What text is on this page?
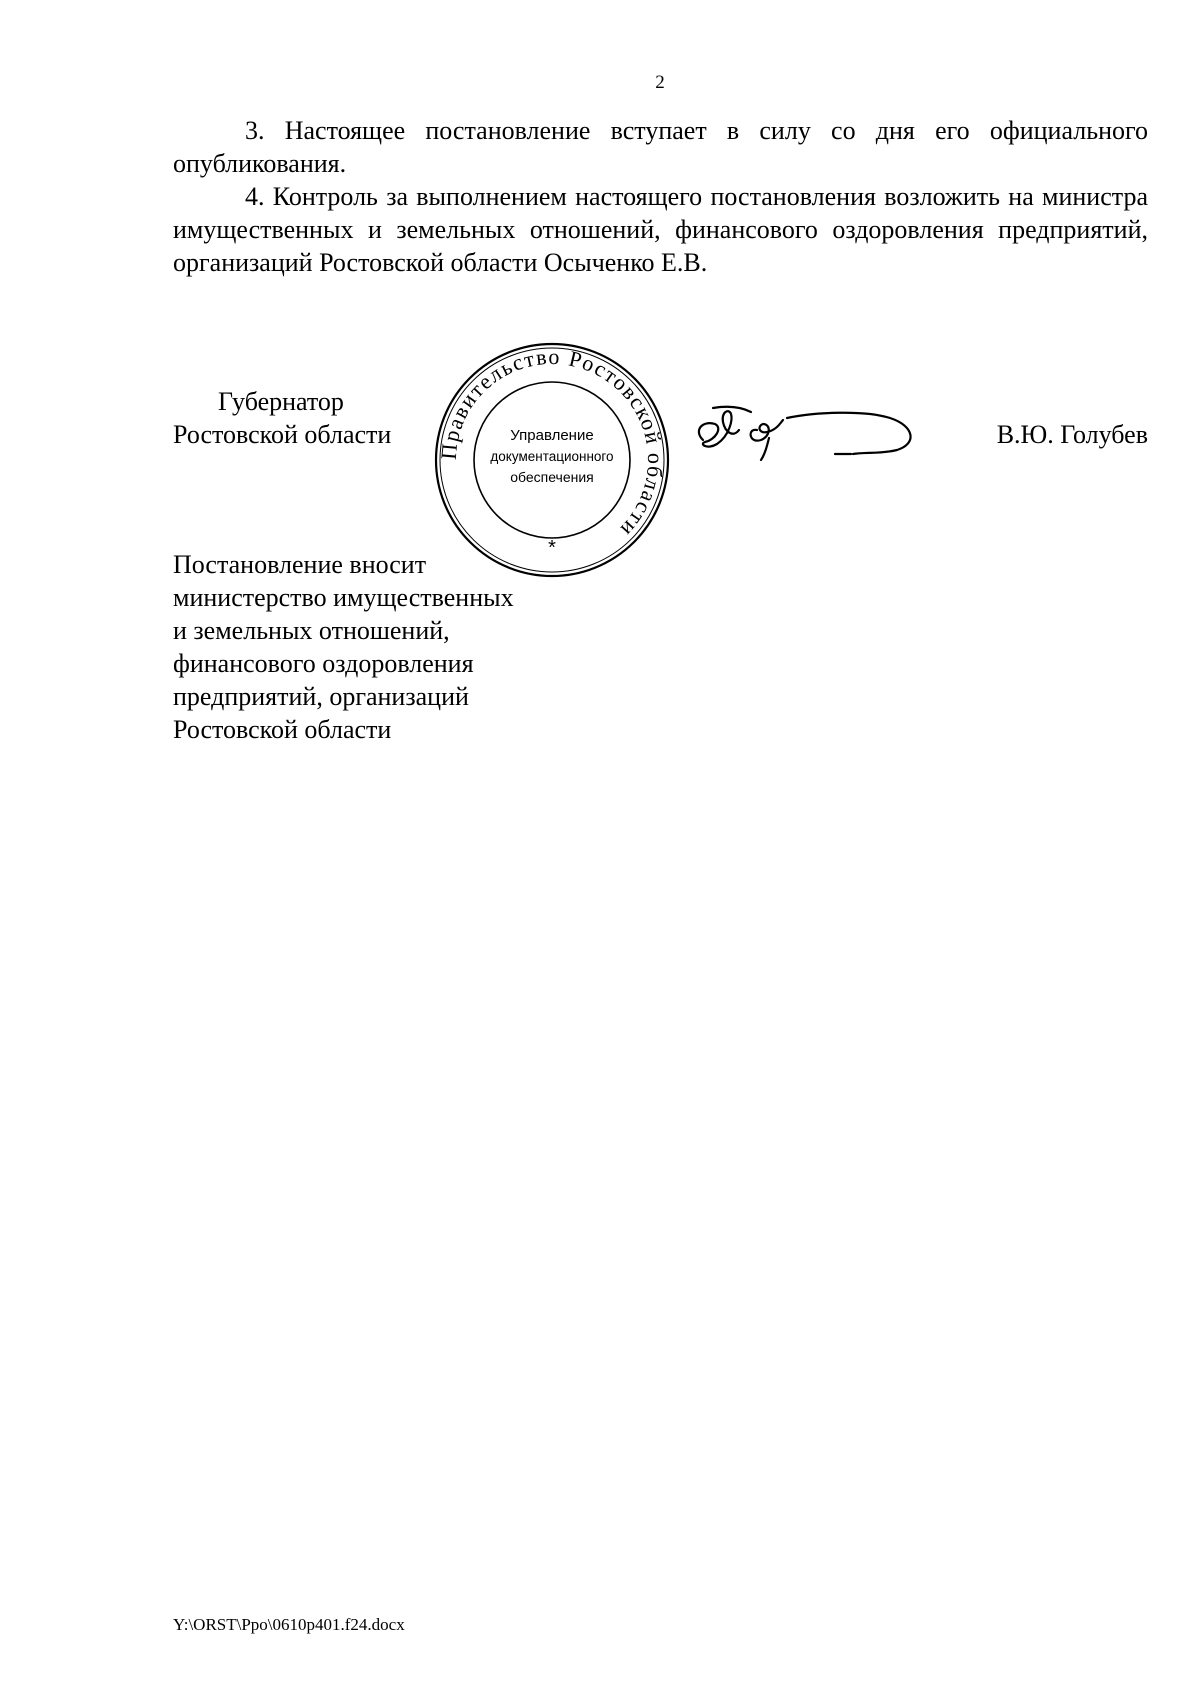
2

3. Настоящее постановление вступает в силу со дня его официального опубликования.

4. Контроль за выполнением настоящего постановления возложить на министра имущественных и земельных отношений, финансового оздоровления предприятий, организаций Ростовской области Осыченко Е.В.

Губернатор
Ростовской области
Правительство Ростовской области
Управление
документационного
обеспечения
*
В.Ю. Голубев
Постановление вносит
министерство имущественных
и земельных отношений,
финансового оздоровления
предприятий, организаций
Ростовской области
Y:\ORST\Ppo\0610p401.f24.docx
